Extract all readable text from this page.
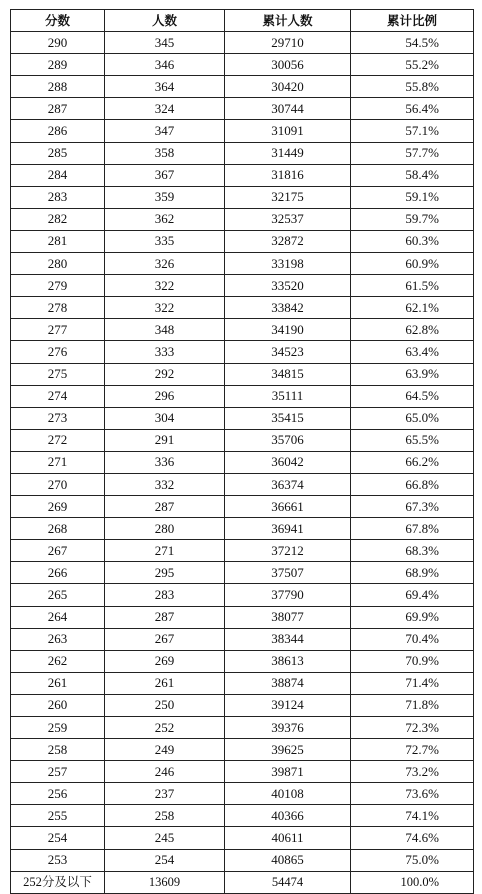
分数	人数	累计人数	累计比例
290	345	29710	54.5%
289	346	30056	55.2%
288	364	30420	55.8%
287	324	30744	56.4%
286	347	31091	57.1%
285	358	31449	57.7%
284	367	31816	58.4%
283	359	32175	59.1%
282	362	32537	59.7%
281	335	32872	60.3%
280	326	33198	60.9%
279	322	33520	61.5%
278	322	33842	62.1%
277	348	34190	62.8%
276	333	34523	63.4%
275	292	34815	63.9%
274	296	35111	64.5%
273	304	35415	65.0%
272	291	35706	65.5%
271	336	36042	66.2%
270	332	36374	66.8%
269	287	36661	67.3%
268	280	36941	67.8%
267	271	37212	68.3%
266	295	37507	68.9%
265	283	37790	69.4%
264	287	38077	69.9%
263	267	38344	70.4%
262	269	38613	70.9%
261	261	38874	71.4%
260	250	39124	71.8%
259	252	39376	72.3%
258	249	39625	72.7%
257	246	39871	73.2%
256	237	40108	73.6%
255	258	40366	74.1%
254	245	40611	74.6%
253	254	40865	75.0%
252分及以下	13609	54474	100.0%
